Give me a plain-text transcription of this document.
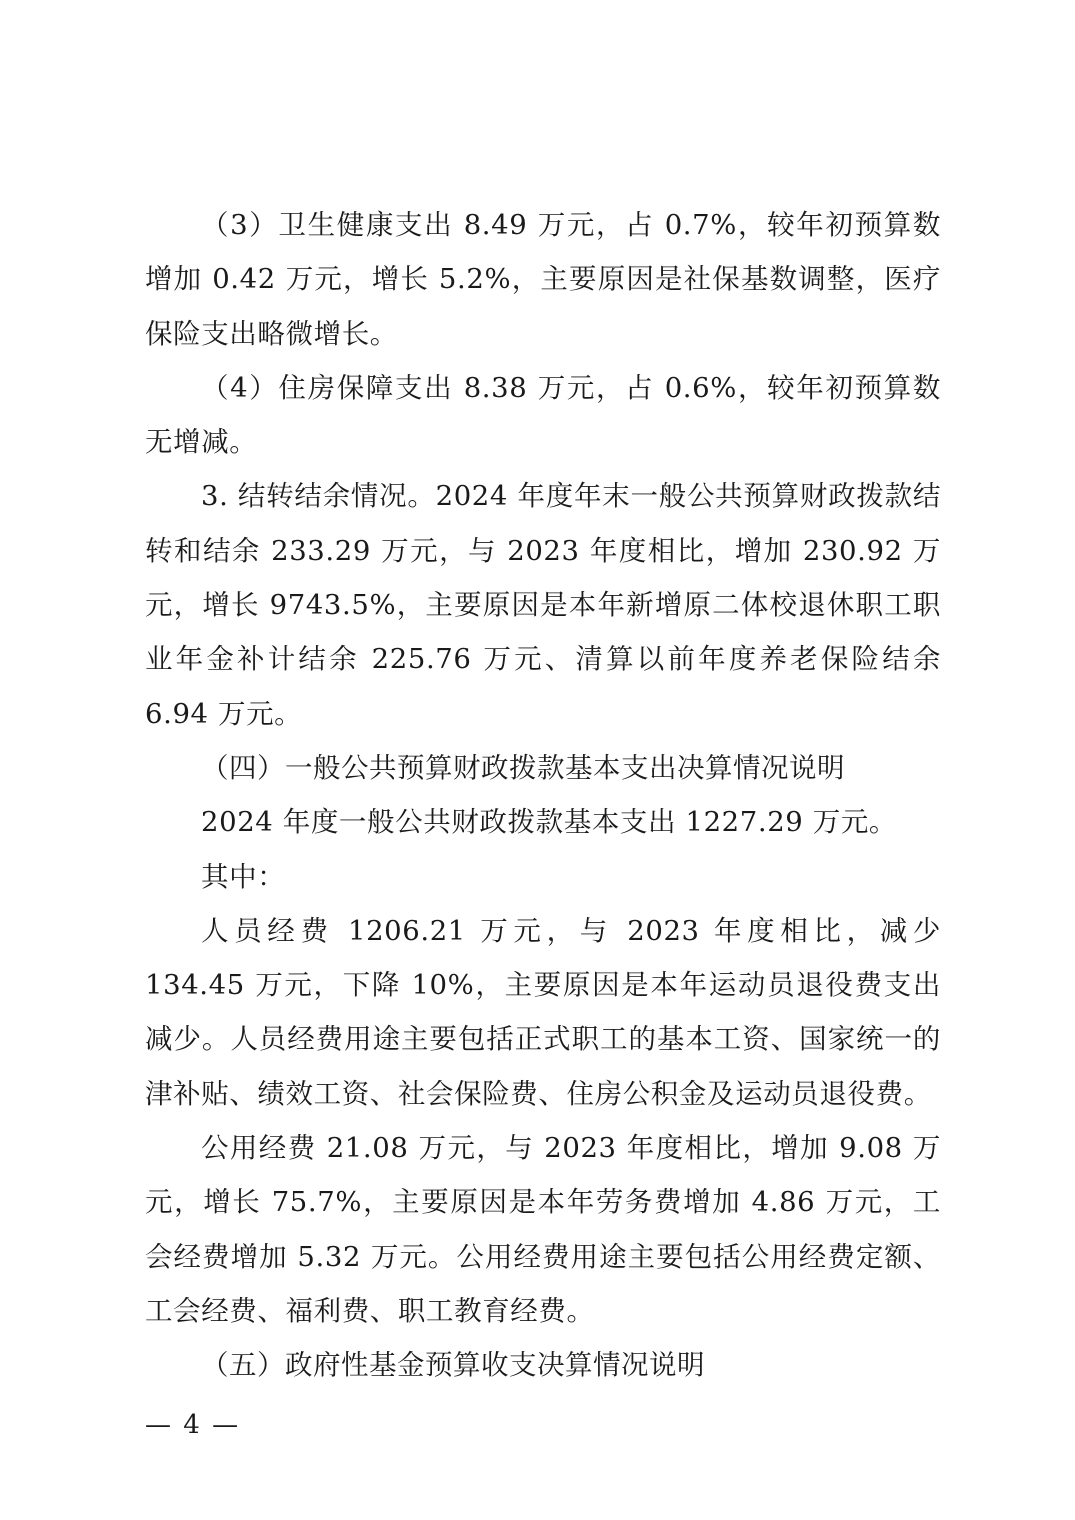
（3）卫生健康支出 8.49 万元，占 0.7%，较年初预算数增加 0.42 万元，增长 5.2%，主要原因是社保基数调整，医疗保险支出略微增长。

（4）住房保障支出 8.38 万元，占 0.6%，较年初预算数无增减。

3. 结转结余情况。2024 年度年末一般公共预算财政拨款结转和结余 233.29 万元，与 2023 年度相比，增加 230.92 万元，增长 9743.5%，主要原因是本年新增原二体校退休职工职业年金补计结余 225.76 万元、清算以前年度养老保险结余 6.94 万元。

（四）一般公共预算财政拨款基本支出决算情况说明

2024 年度一般公共财政拨款基本支出 1227.29 万元。

其中：

人员经费 1206.21 万元，与 2023 年度相比，减少 134.45 万元，下降 10%，主要原因是本年运动员退役费支出减少。人员经费用途主要包括正式职工的基本工资、国家统一的津补贴、绩效工资、社会保险费、住房公积金及运动员退役费。

公用经费 21.08 万元，与 2023 年度相比，增加 9.08 万元，增长 75.7%，主要原因是本年劳务费增加 4.86 万元，工会经费增加 5.32 万元。公用经费用途主要包括公用经费定额、工会经费、福利费、职工教育经费。

（五）政府性基金预算收支决算情况说明
— 4 —
